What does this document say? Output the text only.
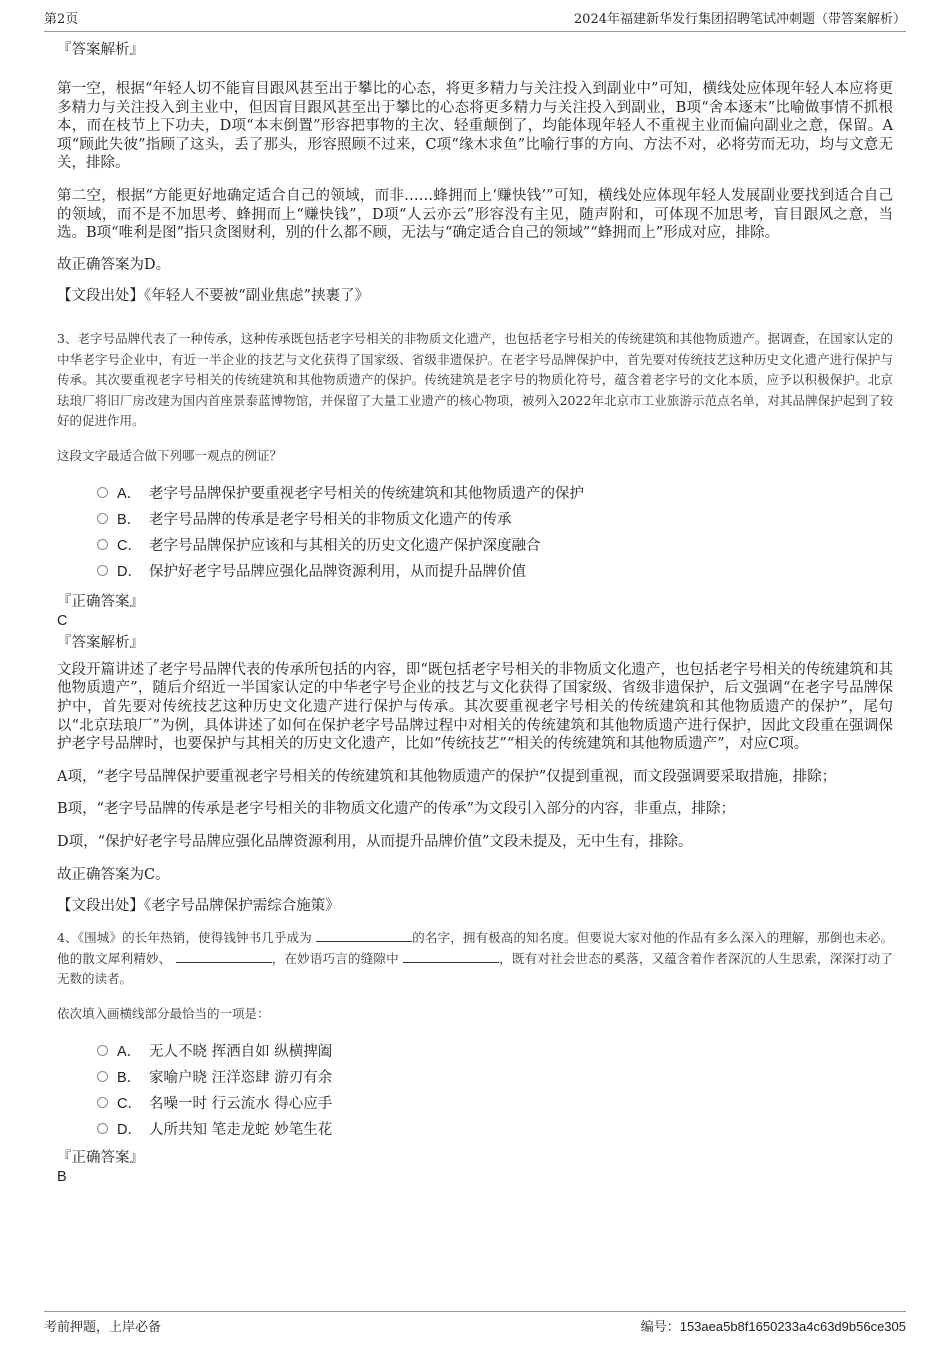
第2页	2024年福建新华发行集团招聘笔试冲刺题（带答案解析）
『答案解析』

第一空，根据“年轻人切不能盲目跟风甚至出于攀比的心态，将更多精力与关注投入到副业中”可知，横线处应体现年轻人本应将更多精力与关注投入到主业中，但因盲目跟风甚至出于攀比的心态将更多精力与关注投入到副业，B项“舍本逐末”比喻做事情不抓根本，而在枝节上下功夫，D项“本末倒置”形容把事物的主次、轻重颠倒了，均能体现年轻人不重视主业而偏向副业之意，保留。A项“顾此失彼”指顾了这头，丢了那头，形容照顾不过来，C项“缘木求鱼”比喻行事的方向、方法不对，必将劳而无功，均与文意无关，排除。

第二空，根据“方能更好地确定适合自己的领域，而非……蜂拥而上‘赚快钱’”可知，横线处应体现年轻人发展副业要找到适合自己的领域，而不是不加思考、蜂拥而上“赚快钱”，D项“人云亦云”形容没有主见，随声附和，可体现不加思考，盲目跟风之意，当选。B项“唯利是图”指只贪图财利，别的什么都不顾，无法与“确定适合自己的领域”“蜂拥而上”形成对应，排除。

故正确答案为D。

【文段出处】《年轻人不要被“副业焦虑”挟裹了》

3、老字号品牌代表了一种传承，这种传承既包括老字号相关的非物质文化遗产，也包括老字号相关的传统建筑和其他物质遗产。据调查，在国家认定的中华老字号企业中，有近一半企业的技艺与文化获得了国家级、省级非遗保护。在老字号品牌保护中，首先要对传统技艺这种历史文化遗产进行保护与传承。其次要重视老字号相关的传统建筑和其他物质遗产的保护。传统建筑是老字号的物质化符号，蕴含着老字号的文化本质，应予以积极保护。北京珐琅厂将旧厂房改建为国内首座景泰蓝博物馆，并保留了大量工业遗产的核心物项，被列入2022年北京市工业旅游示范点名单，对其品牌保护起到了较好的促进作用。

这段文字最适合做下列哪一观点的例证？

A． 老字号品牌保护要重视老字号相关的传统建筑和其他物质遗产的保护
B． 老字号品牌的传承是老字号相关的非物质文化遗产的传承
C． 老字号品牌保护应该和与其相关的历史文化遗产保护深度融合
D． 保护好老字号品牌应强化品牌资源利用，从而提升品牌价值
『正确答案』
C
『答案解析』

文段开篇讲述了老字号品牌代表的传承所包括的内容，即“既包括老字号相关的非物质文化遗产，也包括老字号相关的传统建筑和其他物质遗产”，随后介绍近一半国家认定的中华老字号企业的技艺与文化获得了国家级、省级非遗保护，后文强调“在老字号品牌保护中，首先要对传统技艺这种历史文化遗产进行保护与传承。其次要重视老字号相关的传统建筑和其他物质遗产的保护”，尾句以“北京珐琅厂”为例，具体讲述了如何在保护老字号品牌过程中对相关的传统建筑和其他物质遗产进行保护，因此文段重在强调保护老字号品牌时，也要保护与其相关的历史文化遗产，比如“传统技艺”“相关的传统建筑和其他物质遗产”，对应C项。

A项，“老字号品牌保护要重视老字号相关的传统建筑和其他物质遗产的保护”仅提到重视，而文段强调要采取措施，排除；

B项，“老字号品牌的传承是老字号相关的非物质文化遗产的传承”为文段引入部分的内容，非重点，排除；

D项，“保护好老字号品牌应强化品牌资源利用，从而提升品牌价值”文段未提及，无中生有，排除。

故正确答案为C。

【文段出处】《老字号品牌保护需综合施策》

4、《围城》的长年热销，使得钱钟书几乎成为	的名字，拥有极高的知名度。但要说大家对他的作品有多么深入的理解，那倒也未必。他的散文犀利精妙、	，在妙语巧言的缝隙中	，既有对社会世态的奚落，又蕴含着作者深沉的人生思索，深深打动了无数的读者。

依次填入画横线部分最恰当的一项是：

A． 无人不晓 挥洒自如 纵横捭阖
B． 家喻户晓 汪洋恣肆 游刃有余
C． 名噪一时 行云流水 得心应手
D． 人所共知 笔走龙蛇 妙笔生花
『正确答案』
B
考前押题，上岸必备	编号：153aea5b8f1650233a4c63d9b56ce305
